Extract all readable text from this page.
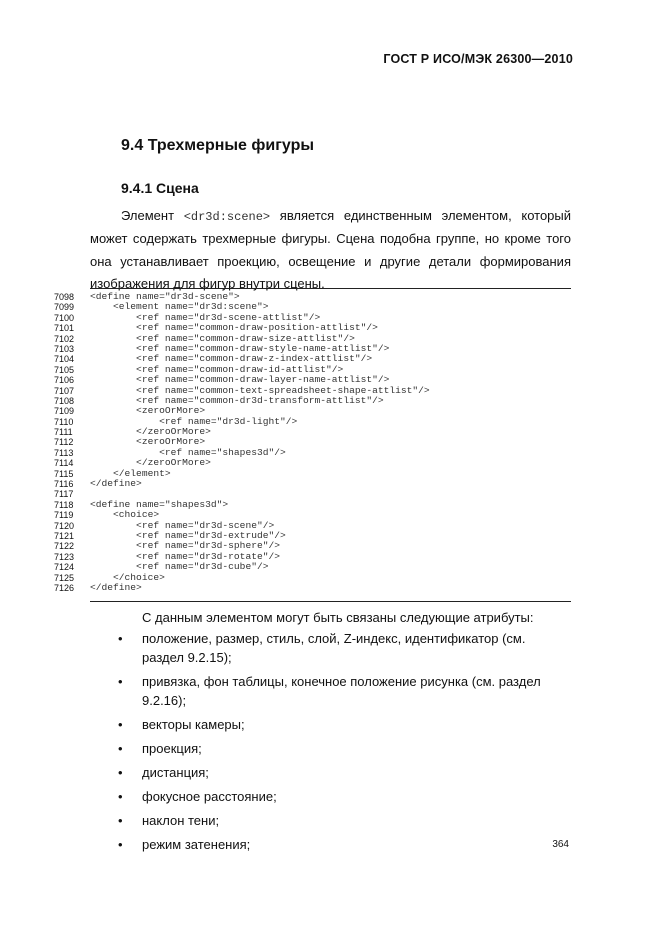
ГОСТ Р ИСО/МЭК 26300—2010
9.4 Трехмерные фигуры
9.4.1 Сцена
Элемент <dr3d:scene> является единственным элементом, который может содержать трехмерные фигуры. Сцена подобна группе, но кроме того она устанавливает проекцию, освещение и другие детали формирования изображения для фигур внутри сцены.
7098	<define name="dr3d-scene">
7099	<element name="dr3d:scene">
7100	<ref name="dr3d-scene-attlist"/>
7101	<ref name="common-draw-position-attlist"/>
7102	<ref name="common-draw-size-attlist"/>
7103	<ref name="common-draw-style-name-attlist"/>
7104	<ref name="common-draw-z-index-attlist"/>
7105	<ref name="common-draw-id-attlist"/>
7106	<ref name="common-draw-layer-name-attlist"/>
7107	<ref name="common-text-spreadsheet-shape-attlist"/>
7108	<ref name="common-dr3d-transform-attlist"/>
7109	<zeroOrMore>
7110	<ref name="dr3d-light"/>
7111	</zeroOrMore>
7112	<zeroOrMore>
7113	<ref name="shapes3d"/>
7114	</zeroOrMore>
7115	</element>
7116	</define>
7117
7118	<define name="shapes3d">
7119	<choice>
7120	<ref name="dr3d-scene"/>
7121	<ref name="dr3d-extrude"/>
7122	<ref name="dr3d-sphere"/>
7123	<ref name="dr3d-rotate"/>
7124	<ref name="dr3d-cube"/>
7125	</choice>
7126	</define>
С данным элементом могут быть связаны следующие атрибуты:
• положение, размер, стиль, слой, Z-индекс, идентификатор (см. раздел 9.2.15);
• привязка, фон таблицы, конечное положение рисунка (см. раздел 9.2.16);
• векторы камеры;
• проекция;
• дистанция;
• фокусное расстояние;
• наклон тени;
• режим затенения;	364
